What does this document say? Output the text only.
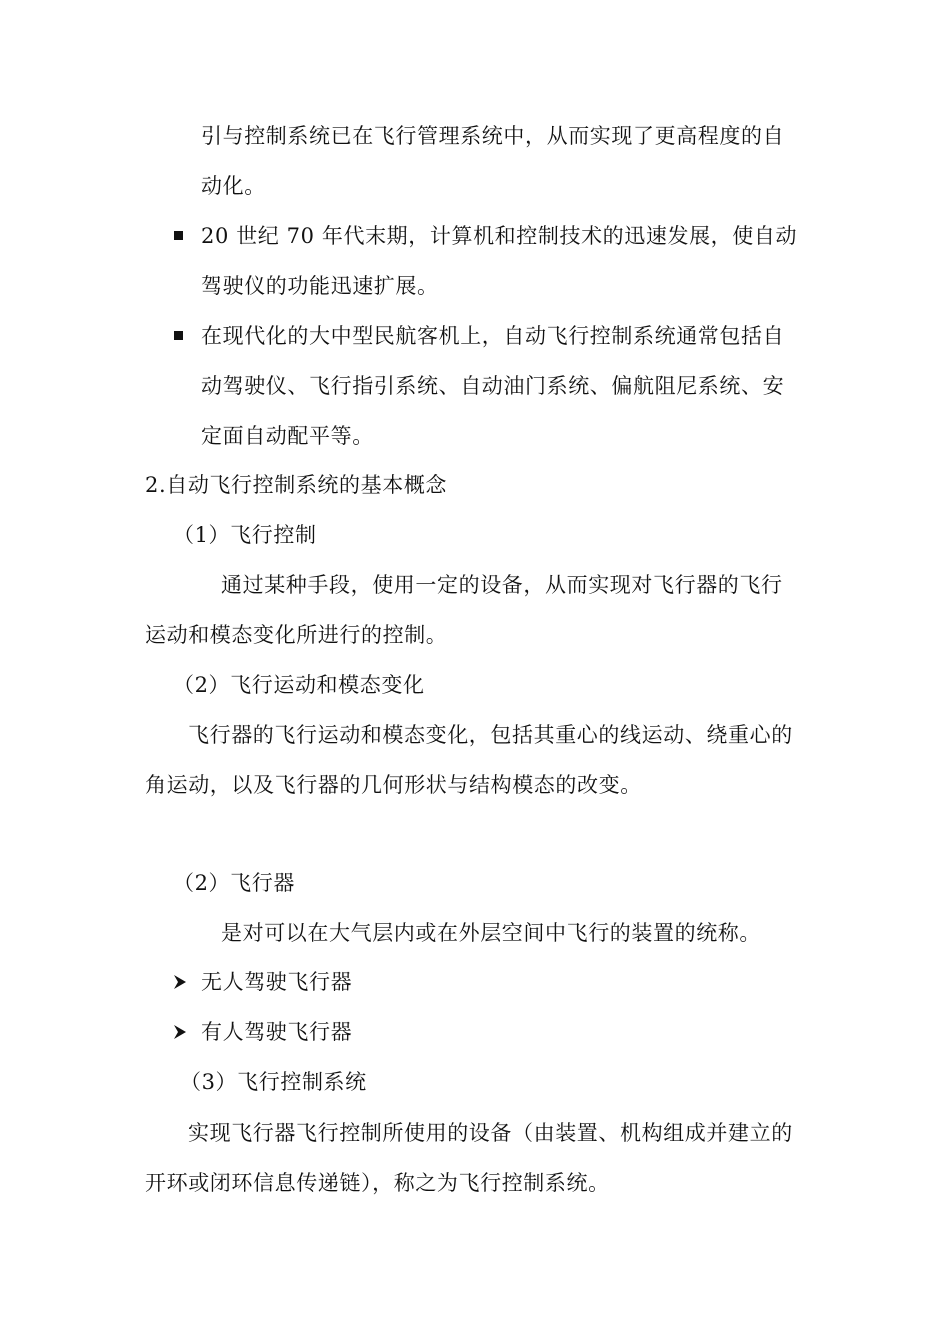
引与控制系统已在飞行管理系统中，从而实现了更高程度的自
动化。
20 世纪 70 年代末期，计算机和控制技术的迅速发展，使自动
驾驶仪的功能迅速扩展。
在现代化的大中型民航客机上，自动飞行控制系统通常包括自
动驾驶仪、飞行指引系统、自动油门系统、偏航阻尼系统、安
定面自动配平等。
2.自动飞行控制系统的基本概念
（1）飞行控制
通过某种手段，使用一定的设备，从而实现对飞行器的飞行
运动和模态变化所进行的控制。
（2）飞行运动和模态变化
飞行器的飞行运动和模态变化，包括其重心的线运动、绕重心的
角运动，以及飞行器的几何形状与结构模态的改变。
（2）飞行器
是对可以在大气层内或在外层空间中飞行的装置的统称。
无人驾驶飞行器
有人驾驶飞行器
（3）飞行控制系统
实现飞行器飞行控制所使用的设备（由装置、机构组成并建立的
开环或闭环信息传递链），称之为飞行控制系统。
